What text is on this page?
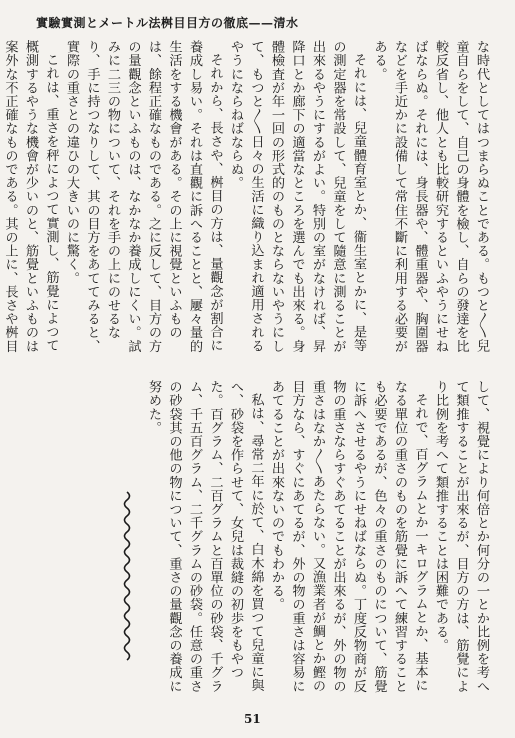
實驗實測とメートル法桝目目方の徹底——清水

な時代としてはつまらぬことである。もつと〳〵兒童自らをして、自己の身體を檢し、自らの發達を比較反省し、他人とも比較研究するといふやうにせねばならぬ。それには、身長器や、體重器や、胸圍器などを手近かに設備して常住不斷に利用する必要がある。

それには、兒童體育室とか、衞生室とかに、是等の測定器を常設して、兒童をして隨意に測ることが出來るやうにするがよい。特別の室がなければ、昇降口とか廊下の適當なところを選んでも出來る。身體檢査が年一回の形式的のものとならないやうにして、もつと〳〵日々の生活に織り込まれ適用されるやうにならねばならぬ。

それから、長さや、桝目の方は、量觀念が割合に養成し易い。それは直觀に訴へることと、屢々量的生活をする機會がある。その上に視覺といふものは、餘程正確なものである。之に反して、目方の方の量觀念といふものは、なかなか養成しにくい。試みに二三の物について、それを手の上にのせるなり、手に持つなりして、其の目方をあててみると、實際の重さとの違ひの大きいのに驚く。

これは、重さを秤によつて實測し、筋覺によつて概測するやうな機會が少いのと、筋覺といふものは案外な不正確なものである。其の上に、長さや桝目

して、視覺により何倍とか何分の一とか比例を考へて類推することが出來るが、目方の方は、筋覺により比例を考へて類推することは困難である。

それで、百グラムとか一キログラムとか、基本になる單位の重さのものを筋覺に訴へて練習することも必要であるが、色々の重さのものについて、筋覺に訴へさせるやうにせねばならぬ。丁度反物商が反物の重さならすぐあてることが出來るが、外の物の重さはなか〳〵あたらない。又漁業者が鯛とか鰹の目方なら、すぐにあてるが、外の物の重さは容易にあてることが出來ないのでもわかる。

私は、尋常二年に於て、白木綿を買つて兒童に與へ、砂袋を作らせて、女兒は裁縫の初歩をもやつた。百グラム、二百グラムと百單位の砂袋、千グラム、千五百グラム、二千グラムの砂袋。任意の重さの砂袋其の他の物について、重さの量觀念の養成に努めた。

51
